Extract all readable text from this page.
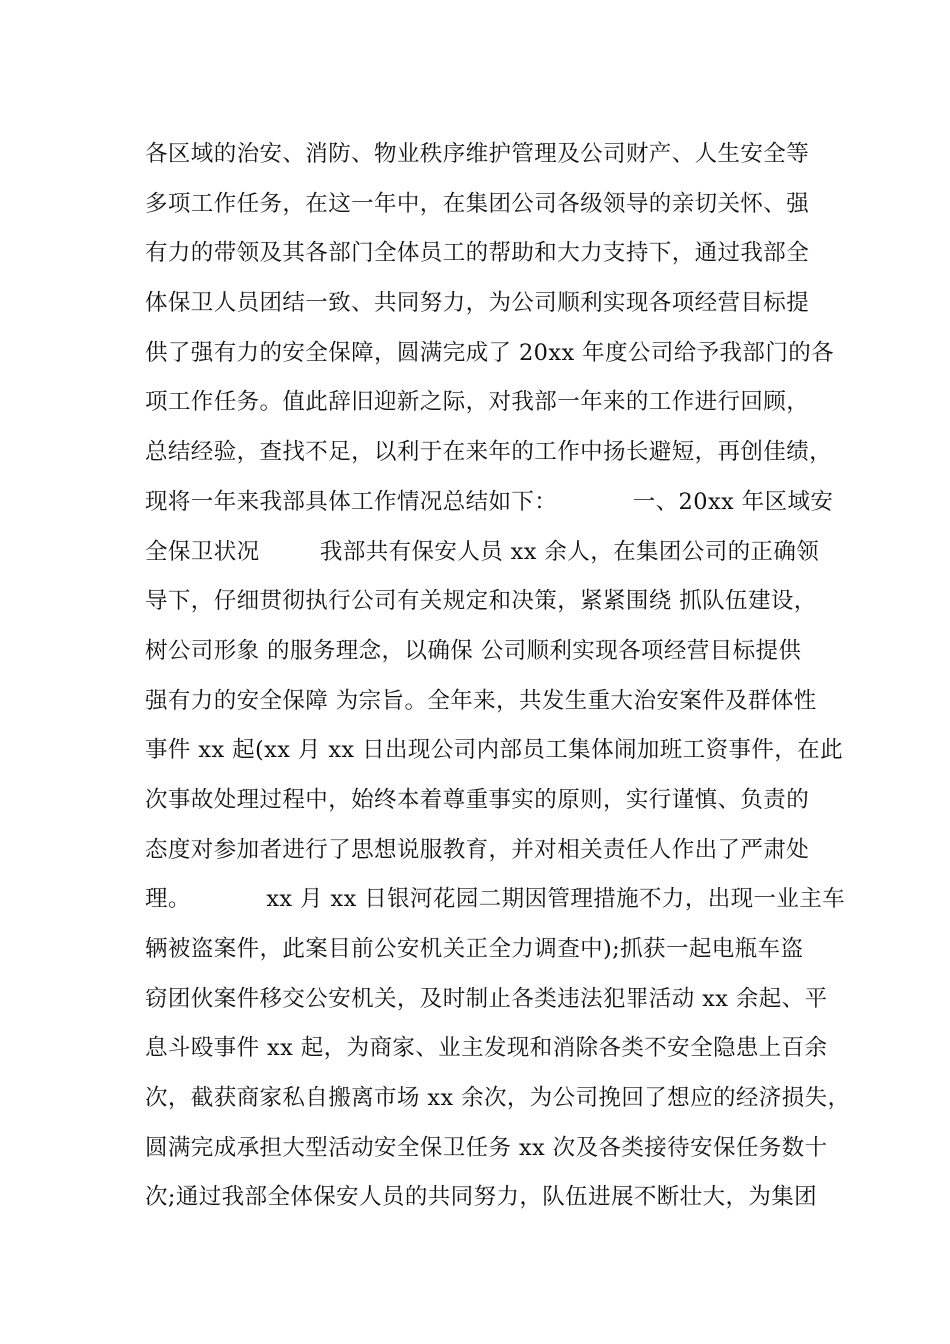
各区域的治安、消防、物业秩序维护管理及公司财产、人生安全等
多项工作任务，在这一年中，在集团公司各级领导的亲切关怀、强
有力的带领及其各部门全体员工的帮助和大力支持下，通过我部全
体保卫人员团结一致、共同努力，为公司顺利实现各项经营目标提
供了强有力的安全保障，圆满完成了 20xx 年度公司给予我部门的各
项工作任务。值此辞旧迎新之际，对我部一年来的工作进行回顾，
总结经验，查找不足，以利于在来年的工作中扬长避短，再创佳绩，
现将一年来我部具体工作情况总结如下：          一、20xx 年区域安
全保卫状况        我部共有保安人员 xx 余人，在集团公司的正确领
导下，仔细贯彻执行公司有关规定和决策，紧紧围绕 抓队伍建设，
树公司形象 的服务理念，以确保 公司顺利实现各项经营目标提供
强有力的安全保障 为宗旨。全年来，共发生重大治安案件及群体性
事件 xx 起(xx 月 xx 日出现公司内部员工集体闹加班工资事件，在此
次事故处理过程中，始终本着尊重事实的原则，实行谨慎、负责的
态度对参加者进行了思想说服教育，并对相关责任人作出了严肃处
理。          xx 月 xx 日银河花园二期因管理措施不力，出现一业主车
辆被盗案件，此案目前公安机关正全力调查中);抓获一起电瓶车盗
窃团伙案件移交公安机关，及时制止各类违法犯罪活动 xx 余起、平
息斗殴事件 xx 起，为商家、业主发现和消除各类不安全隐患上百余
次，截获商家私自搬离市场 xx 余次，为公司挽回了想应的经济损失，
圆满完成承担大型活动安全保卫任务 xx 次及各类接待安保任务数十
次;通过我部全体保安人员的共同努力，队伍进展不断壮大，为集团
